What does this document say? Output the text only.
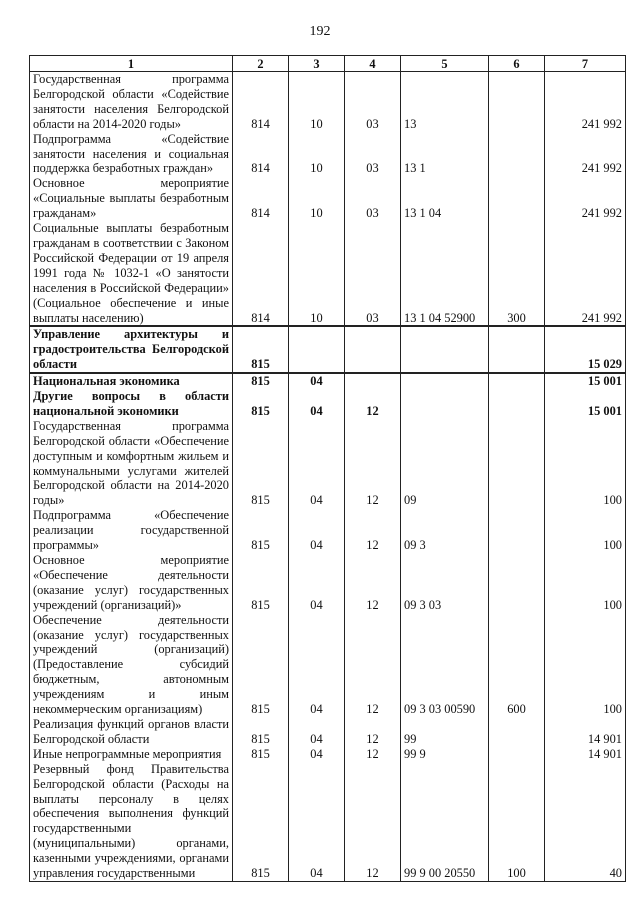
192
1	2	3	4	5	6	7
Государственная программа Белгородской области «Содействие занятости населения Белгородской области на 2014-2020 годы»	814	10	03	13		241 992
Подпрограмма «Содействие занятости населения и социальная поддержка безработных граждан»	814	10	03	13 1		241 992
Основное мероприятие «Социальные выплаты безработным гражданам»	814	10	03	13 1 04		241 992
Социальные выплаты безработным гражданам в соответствии с Законом Российской Федерации от 19 апреля 1991 года № 1032-1 «О занятости населения в Российской Федерации» (Социальное обеспечение и иные выплаты населению)	814	10	03	13 1 04 52900	300	241 992
Управление архитектуры и градостроительства Белгородской области	815					15 029
Национальная экономика	815	04				15 001
Другие вопросы в области национальной экономики	815	04	12			15 001
Государственная программа Белгородской области «Обеспечение доступным и комфортным жильем и коммунальными услугами жителей Белгородской области на 2014-2020 годы»	815	04	12	09		100
Подпрограмма «Обеспечение реализации государственной программы»	815	04	12	09 3		100
Основное мероприятие «Обеспечение деятельности (оказание услуг) государственных учреждений (организаций)»	815	04	12	09 3 03		100
Обеспечение деятельности (оказание услуг) государственных учреждений (организаций) (Предоставление субсидий бюджетным, автономным учреждениям и иным некоммерческим организациям)	815	04	12	09 3 03 00590	600	100
Реализация функций органов власти Белгородской области	815	04	12	99		14 901
Иные непрограммные мероприятия	815	04	12	99 9		14 901
Резервный фонд Правительства Белгородской области (Расходы на выплаты персоналу в целях обеспечения выполнения функций государственными (муниципальными) органами, казенными учреждениями, органами управления государственными	815	04	12	99 9 00 20550	100	40
